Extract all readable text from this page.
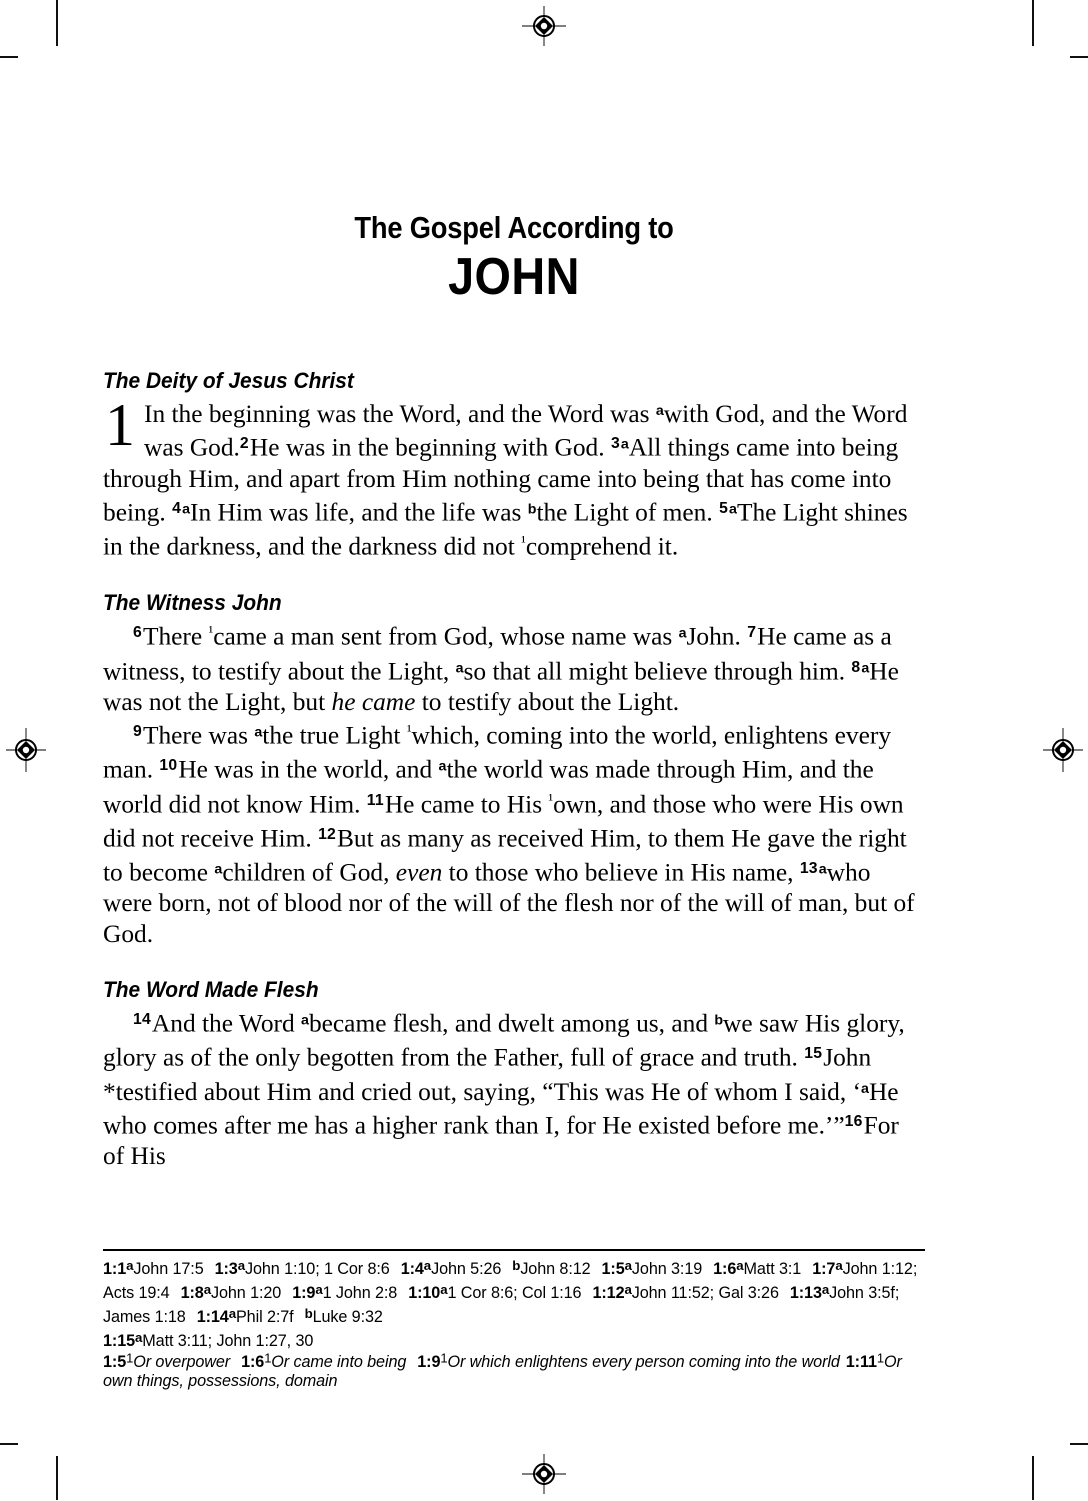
The Gospel According to
JOHN
The Deity of Jesus Christ

1 In the beginning was the Word, and the Word was $^a$with God, and the Word was God.$^2$He was in the beginning with God. $^{3a}$All things came into being through Him, and apart from Him nothing came into being that has come into being. $^{4a}$In Him was life, and the life was $^b$the Light of men. $^{5a}$The Light shines in the darkness, and the darkness did not $^{^1}$comprehend it.

The Witness John

$^6$There $^{^1}$came a man sent from God, whose name was $^a$John. $^7$He came as a witness, to testify about the Light, $^a$so that all might believe through him. $^{8a}$He was not the Light, but he came to testify about the Light.

$^9$There was $^a$the true Light $^{^1}$which, coming into the world, enlightens every man. $^{10}$He was in the world, and $^a$the world was made through Him, and the world did not know Him. $^{11}$He came to His $^{^1}$own, and those who were His own did not receive Him. $^{12}$But as many as received Him, to them He gave the right to become $^a$children of God, even to those who believe in His name, $^{13a}$who were born, not of blood nor of the will of the flesh nor of the will of man, but of God.

The Word Made Flesh

$^{14}$And the Word $^a$became flesh, and dwelt among us, and $^b$we saw His glory, glory as of the only begotten from the Father, full of grace and truth. $^{15}$John *testified about Him and cried out, saying, “This was He of whom I said, ‘$^a$He who comes after me has a higher rank than I, for He existed before me.’”$^{16}$For of His

1:1$^a$John 17:5 1:3$^a$John 1:10; 1 Cor 8:6 1:4$^a$John 5:26 $^b$John 8:12 1:5$^a$John 3:19 1:6$^a$Matt 3:1 1:7$^a$John 1:12; Acts 19:4 1:8$^a$John 1:20 1:9$^a$1 John 2:8 1:10$^a$1 Cor 8:6; Col 1:16 1:12$^a$John 11:52; Gal 3:26 1:13$^a$John 3:5f; James 1:18 1:14$^a$Phil 2:7f $^b$Luke 9:32
1:15$^a$Matt 3:11; John 1:27, 30
$1:5^1Or$ overpower $1:6^1Or$ came into being $1:9^1Or$ which enlightens every person coming into the world $1:11^1Or$ own things, possessions, domain
